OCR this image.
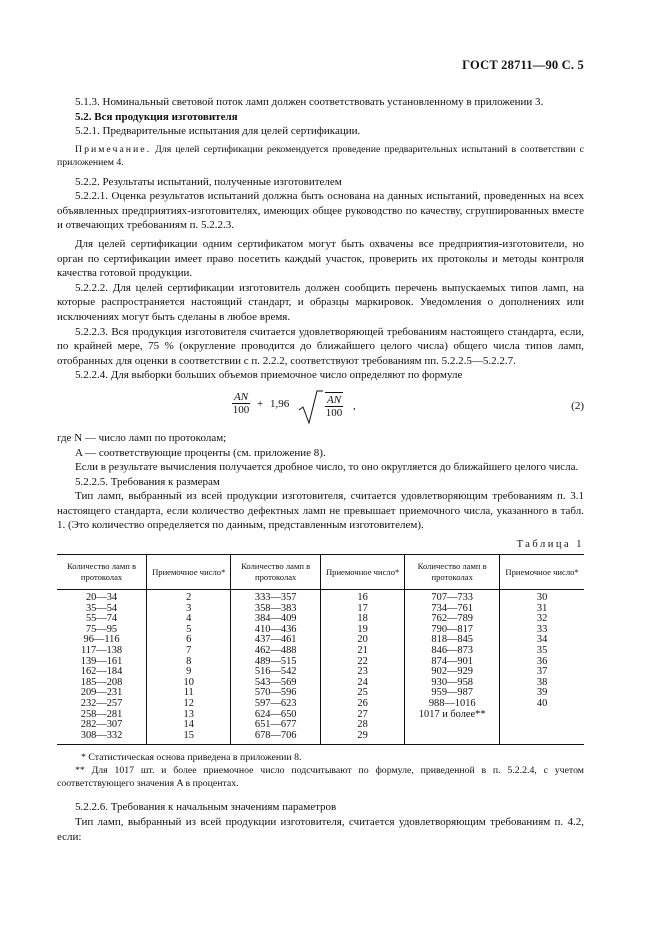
ГОСТ 28711—90 С. 5

5.1.3. Номинальный световой поток ламп должен соответствовать установленному в приложении 3.

5.2. Вся продукция изготовителя

5.2.1. Предварительные испытания для целей сертификации.

Примечание. Для целей сертификации рекомендуется проведение предварительных испытаний в соответствии с приложением 4.

5.2.2. Результаты испытаний, полученные изготовителем

5.2.2.1. Оценка результатов испытаний должна быть основана на данных испытаний, проведенных на всех объявленных предприятиях-изготовителях, имеющих общее руководство по качеству, сгруппированных вместе и отвечающих требованиям п. 5.2.2.3.

Для целей сертификации одним сертификатом могут быть охвачены все предприятия-изготовители, но орган по сертификации имеет право посетить каждый участок, проверить их протоколы и методы контроля качества готовой продукции.

5.2.2.2. Для целей сертификации изготовитель должен сообщить перечень выпускаемых типов ламп, на которые распространяется настоящий стандарт, и образцы маркировок. Уведомления о дополнениях или исключениях могут быть сделаны в любое время.

5.2.2.3. Вся продукция изготовителя считается удовлетворяющей требованиям настоящего стандарта, если, по крайней мере, 75 % (округление проводится до ближайшего целого числа) общего числа типов ламп, отобранных для оценки в соответствии с п. 2.2.2, соответствуют требованиям пп. 5.2.2.5—5.2.2.7.

5.2.2.4. Для выборки больших объемов приемочное число определяют по формуле

$\frac{AN}{100} + 1,96$	$\frac{AN}{100}$ ,	(2)

где N — число ламп по протоколам;

A — соответствующие проценты (см. приложение 8).

Если в результате вычисления получается дробное число, то оно округляется до ближайшего целого числа.

5.2.2.5. Требования к размерам

Тип ламп, выбранный из всей продукции изготовителя, считается удовлетворяющим требованиям п. 3.1 настоящего стандарта, если количество дефектных ламп не превышает приемочного числа, указанного в табл. 1. (Это количество определяется по данным, представленным изготовителем).

Таблица 1
Количество ламп в протоколах	Приемочное число*	Количество ламп в протоколах	Приемочное число*	Количество ламп в протоколах	Приемочное число*
20—34	2	333—357	16	707—733	30
35—54	3	358—383	17	734—761	31
55—74	4	384—409	18	762—789	32
75—95	5	410—436	19	790—817	33
96—116	6	437—461	20	818—845	34
117—138	7	462—488	21	846—873	35
139—161	8	489—515	22	874—901	36
162—184	9	516—542	23	902—929	37
185—208	10	543—569	24	930—958	38
209—231	11	570—596	25	959—987	39
232—257	12	597—623	26	988—1016	40
258—281	13	624—650	27	1017 и более**	
282—307	14	651—677	28		
308—332	15	678—706	29		

* Статистическая основа приведена в приложении 8.

** Для 1017 шт. и более приемочное число подсчитывают по формуле, приведенной в п. 5.2.2.4, с учетом соответствующего значения A в процентах.

5.2.2.6. Требования к начальным значениям параметров

Тип ламп, выбранный из всей продукции изготовителя, считается удовлетворяющим требованиям п. 4.2, если:
